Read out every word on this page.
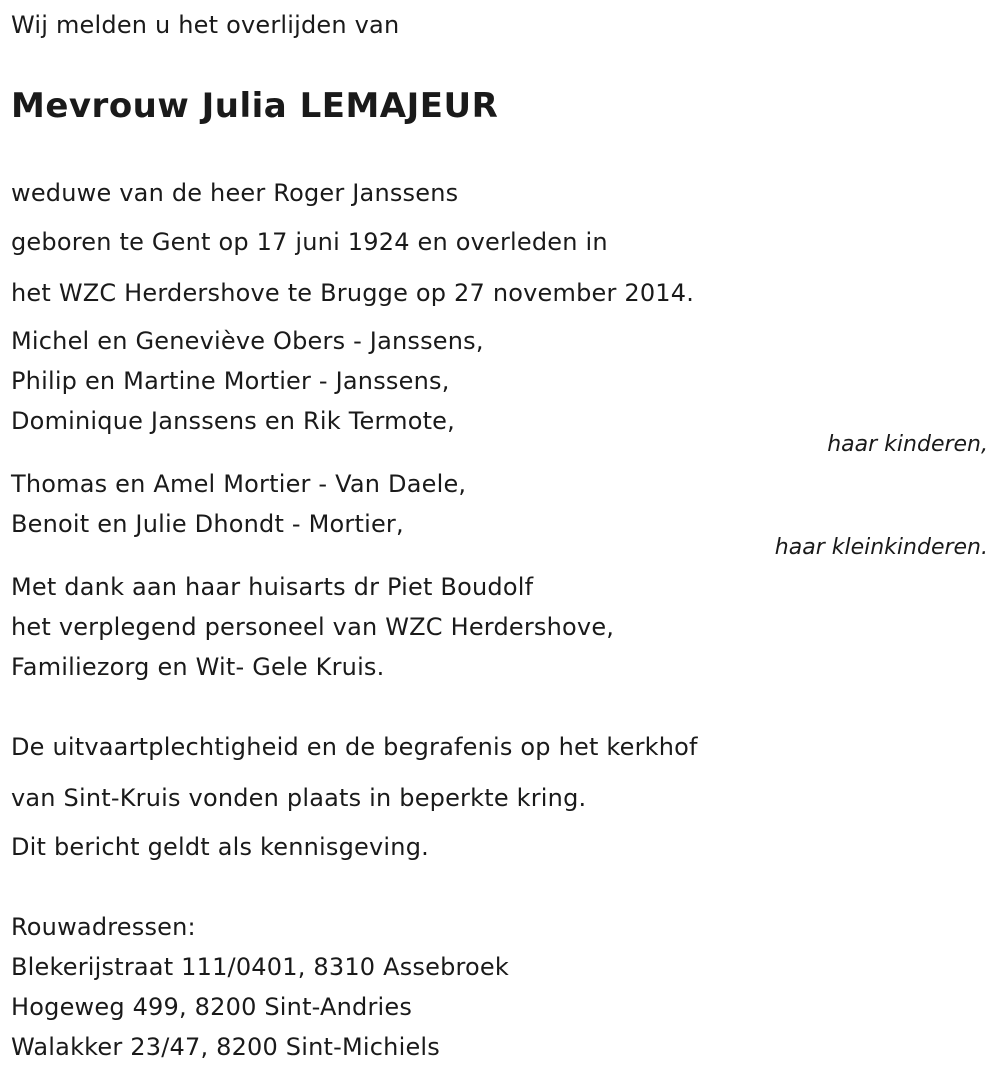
Wij melden u het overlijden van
Mevrouw Julia LEMAJEUR
weduwe van de heer Roger Janssens
geboren te Gent op 17 juni 1924 en overleden in
het WZC Herdershove te Brugge op 27 november 2014.
Michel en Geneviève Obers - Janssens,
Philip en Martine Mortier - Janssens,
Dominique Janssens en Rik Termote,
haar kinderen,
Thomas en Amel Mortier - Van Daele,
Benoit en Julie Dhondt - Mortier,
haar kleinkinderen.
Met dank aan haar huisarts dr Piet Boudolf
het verplegend personeel van WZC Herdershove,
Familiezorg en Wit- Gele Kruis.
De uitvaartplechtigheid en de begrafenis op het kerkhof
van Sint-Kruis vonden plaats in beperkte kring.
Dit bericht geldt als kennisgeving.
Rouwadressen:
Blekerijstraat 111/0401, 8310 Assebroek
Hogeweg 499, 8200 Sint-Andries
Walakker 23/47, 8200 Sint-Michiels
